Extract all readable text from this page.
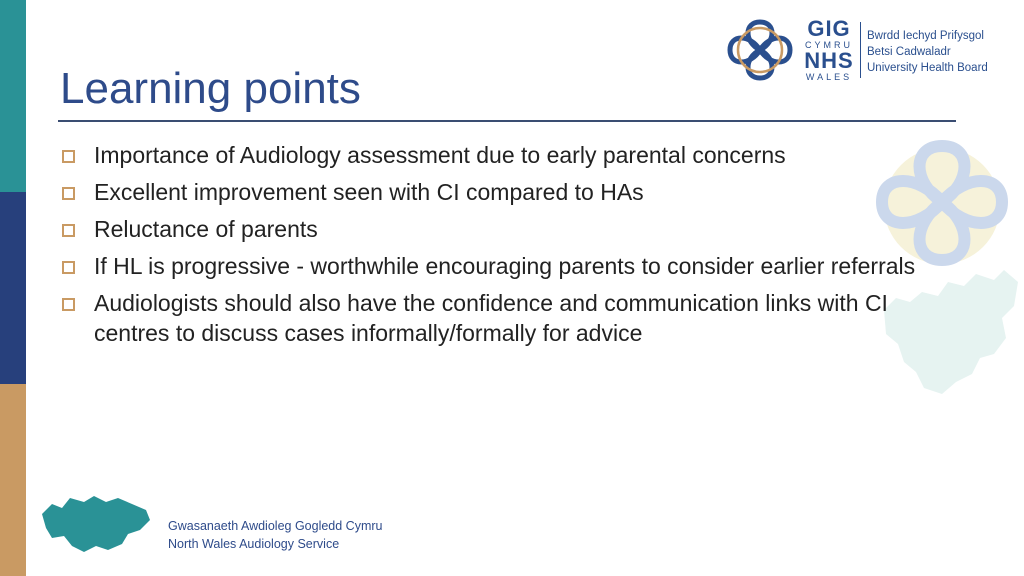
GIG
CYMRU
NHS
WALES
Bwrdd Iechyd Prifysgol
Betsi Cadwaladr
University Health Board
Learning points
Importance of Audiology assessment due to early parental concerns
Excellent improvement seen with CI compared to HAs
Reluctance of parents
If HL is progressive - worthwhile encouraging parents to consider earlier referrals
Audiologists should also have the confidence and communication links with CI centres to discuss cases informally/formally for advice
Gwasanaeth Awdioleg Gogledd Cymru
North Wales Audiology Service
